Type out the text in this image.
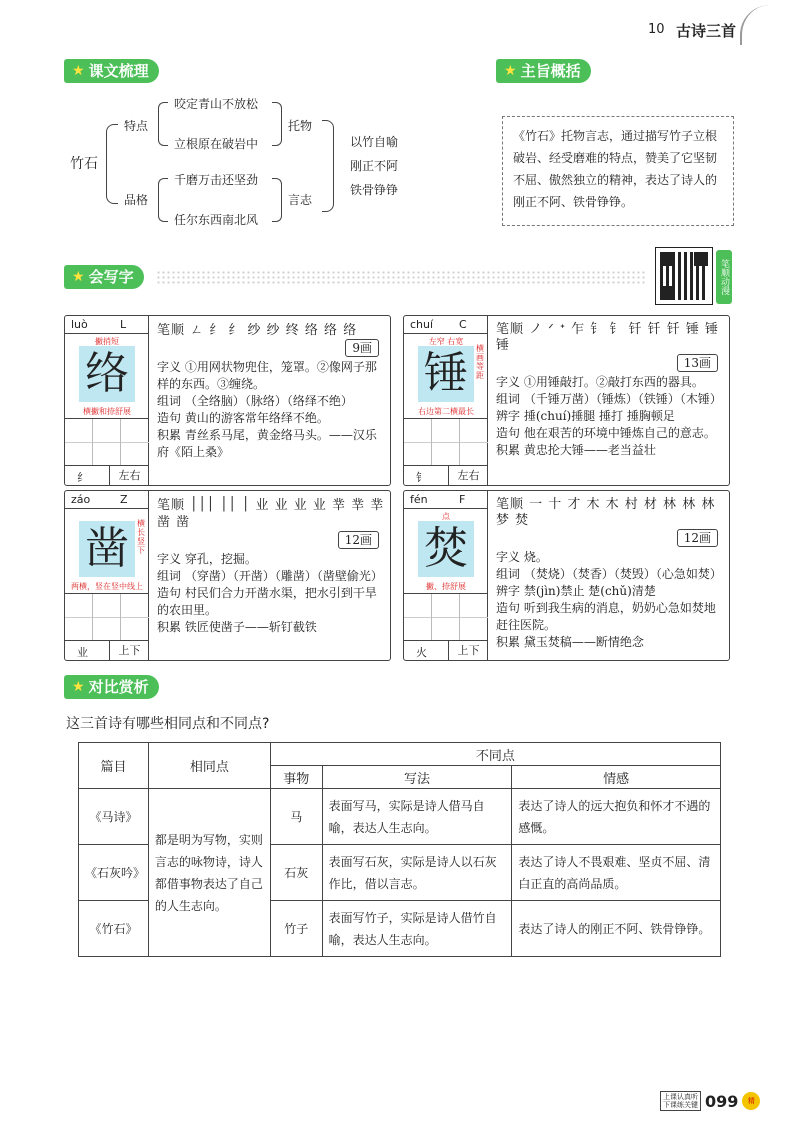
10 古诗三首
★ 课文梳理
竹石
特点
品格
咬定青山不放松
立根原在破岩中
托物
千磨万击还坚劲
任尔东西南北风
言志
以竹自喻
刚正不阿
铁骨铮铮
★ 主旨概括
《竹石》托物言志，通过描写竹子立根破岩、经受磨难的特点，赞美了它坚韧不屈、傲然独立的精神，表达了诗人的刚正不阿、铁骨铮铮。
★ 会写字	笔顺动漫
luò	L
撇捎短
络
横撇和捺舒展
纟	左右
笔顺 ㄥ 纟 纟 纱 纱 终 络 络 络
9画
字义 ①用网状物兜住，笼罩。②像网子那样的东西。③缠绕。
组词 （全络脑）（脉络）（络绎不绝）
造句 黄山的游客常年络绎不绝。
积累 青丝系马尾，黄金络马头。——汉乐府《陌上桑》
chuí C
左窄 右宽
锤	横画等距
右边第二横最长
钅	左右
笔顺 ノ ᐟ ᐩ 乍 钅 钅 钎 钎 钎 锤 锤 锤
13画
字义 ①用锤敲打。②敲打东西的器具。
组词 （千锤万凿）（锤炼）（铁锤）（木锤）
辨字 捶(chuí)捶腿 捶打 捶胸顿足
造句 他在艰苦的环境中锤炼自己的意志。
积累 黄忠抡大锤——老当益壮
záo	Z
凿	横长竖下
两横，竖在竖中线上
业	上下
笔顺 ׀ ׀׀ ׀׀׀ 业 业 业 业 丵 丵 丵 凿 凿
12画
字义 穿孔，挖掘。
组词 （穿凿）（开凿）（雕凿）（凿壁偷光）
造句 村民们合力开凿水渠，把水引到干旱的农田里。
积累 铁匠使凿子——斩钉截铁
fén	F
点
焚
撇、捺舒展
火	上下
笔顺 一 十 才 木 木 村 材 林 林 林 梦 焚
12画
字义 烧。
组词 （焚烧）（焚香）（焚毁）（心急如焚）
辨字 禁(jìn)禁止 楚(chǔ)清楚
造句 听到我生病的消息，奶奶心急如焚地赶往医院。
积累 黛玉焚稿——断情绝念
★ 对比赏析
这三首诗有哪些相同点和不同点?
篇目	相同点	不同点		
		事物	写法	情感
《马诗》	都是明为写物，实则言志的咏物诗，诗人都借事物表达了自己的人生志向。	马	表面写马，实际是诗人借马自喻，表达人生志向。	表达了诗人的远大抱负和怀才不遇的感慨。
《石灰吟》		石灰	表面写石灰，实际是诗人以石灰作比，借以言志。	表达了诗人不畏艰难、坚贞不屈、清白正直的高尚品质。
《竹石》		竹子	表面写竹子，实际是诗人借竹自喻，表达人生志向。	表达了诗人的刚正不阿、铁骨铮铮。
上课认真听
下课练关键 099	精
